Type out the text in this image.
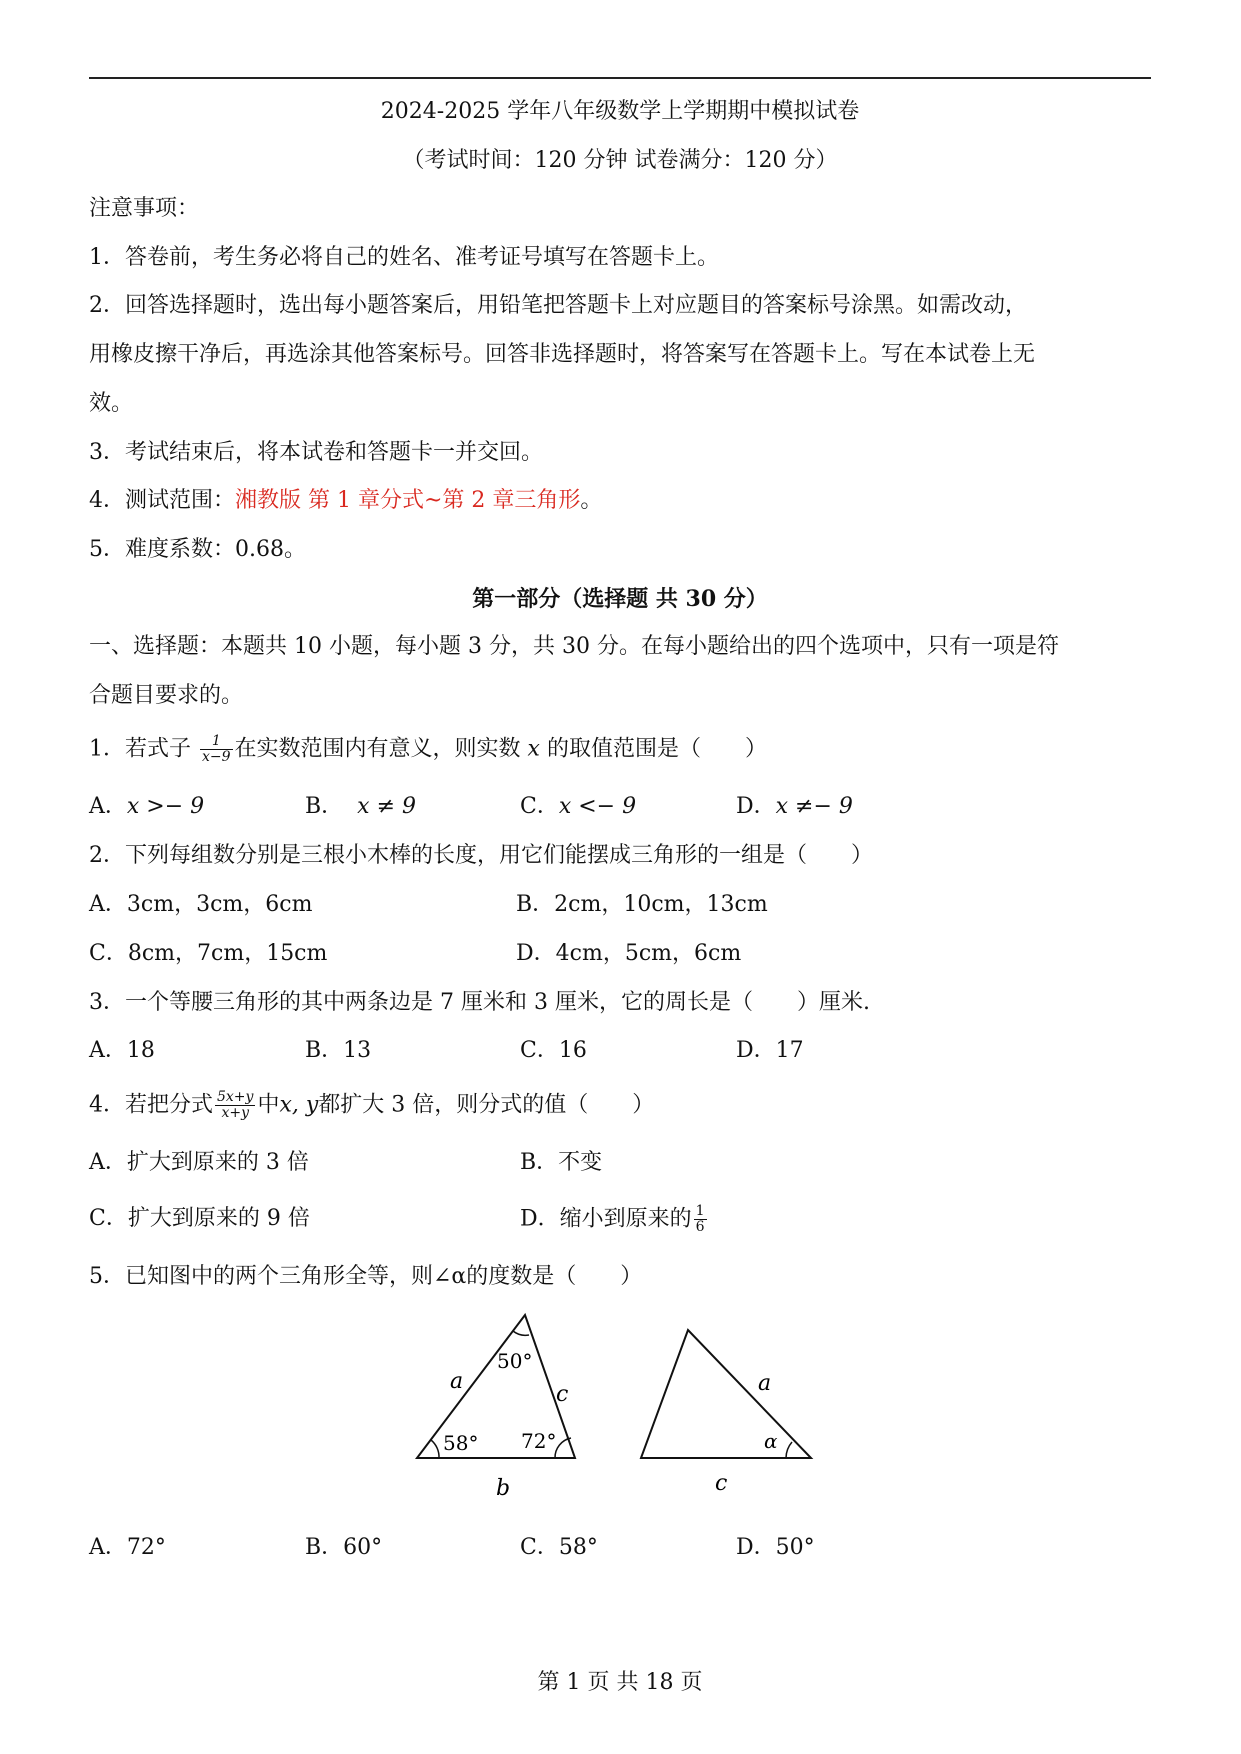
2024-2025 学年八年级数学上学期期中模拟试卷
（考试时间：120 分钟 试卷满分：120 分）
注意事项：
1．答卷前，考生务必将自己的姓名、准考证号填写在答题卡上。
2．回答选择题时，选出每小题答案后，用铅笔把答题卡上对应题目的答案标号涂黑。如需改动，
用橡皮擦干净后，再选涂其他答案标号。回答非选择题时，将答案写在答题卡上。写在本试卷上无
效。
3．考试结束后，将本试卷和答题卡一并交回。
4．测试范围：湘教版 第 1 章分式~第 2 章三角形。
5．难度系数：0.68。
第一部分（选择题 共 30 分）
一、选择题：本题共 10 小题，每小题 3 分，共 30 分。在每小题给出的四个选项中，只有一项是符
合题目要求的。
1．若式子 $\frac{1}{x-9}$ 在实数范围内有意义，则实数 x 的取值范围是（　　）
A．x >− 9	B． x ≠ 9	C．x <− 9	D．x ≠− 9
2．下列每组数分别是三根小木棒的长度，用它们能摆成三角形的一组是（　　）
A．3cm，3cm，6cm	B．2cm，10cm，13cm
C．8cm，7cm，15cm	D．4cm，5cm，6cm
3．一个等腰三角形的其中两条边是 7 厘米和 3 厘米，它的周长是（　　）厘米.
A．18	B．13	C．16	D．17
4．若把分式 $\frac{5x+y}{x+y}$ 中x, y都扩大 3 倍，则分式的值（　　）
A．扩大到原来的 3 倍	B．不变
C．扩大到原来的 9 倍	D．缩小到原来的 $\frac{1}{6}$
5．已知图中的两个三角形全等，则∠α的度数是（　　）
a
c
b
50°
58° 72°
a
c
α
A．72°	B．60°	C．58°	D．50°
第 1 页 共 18 页
